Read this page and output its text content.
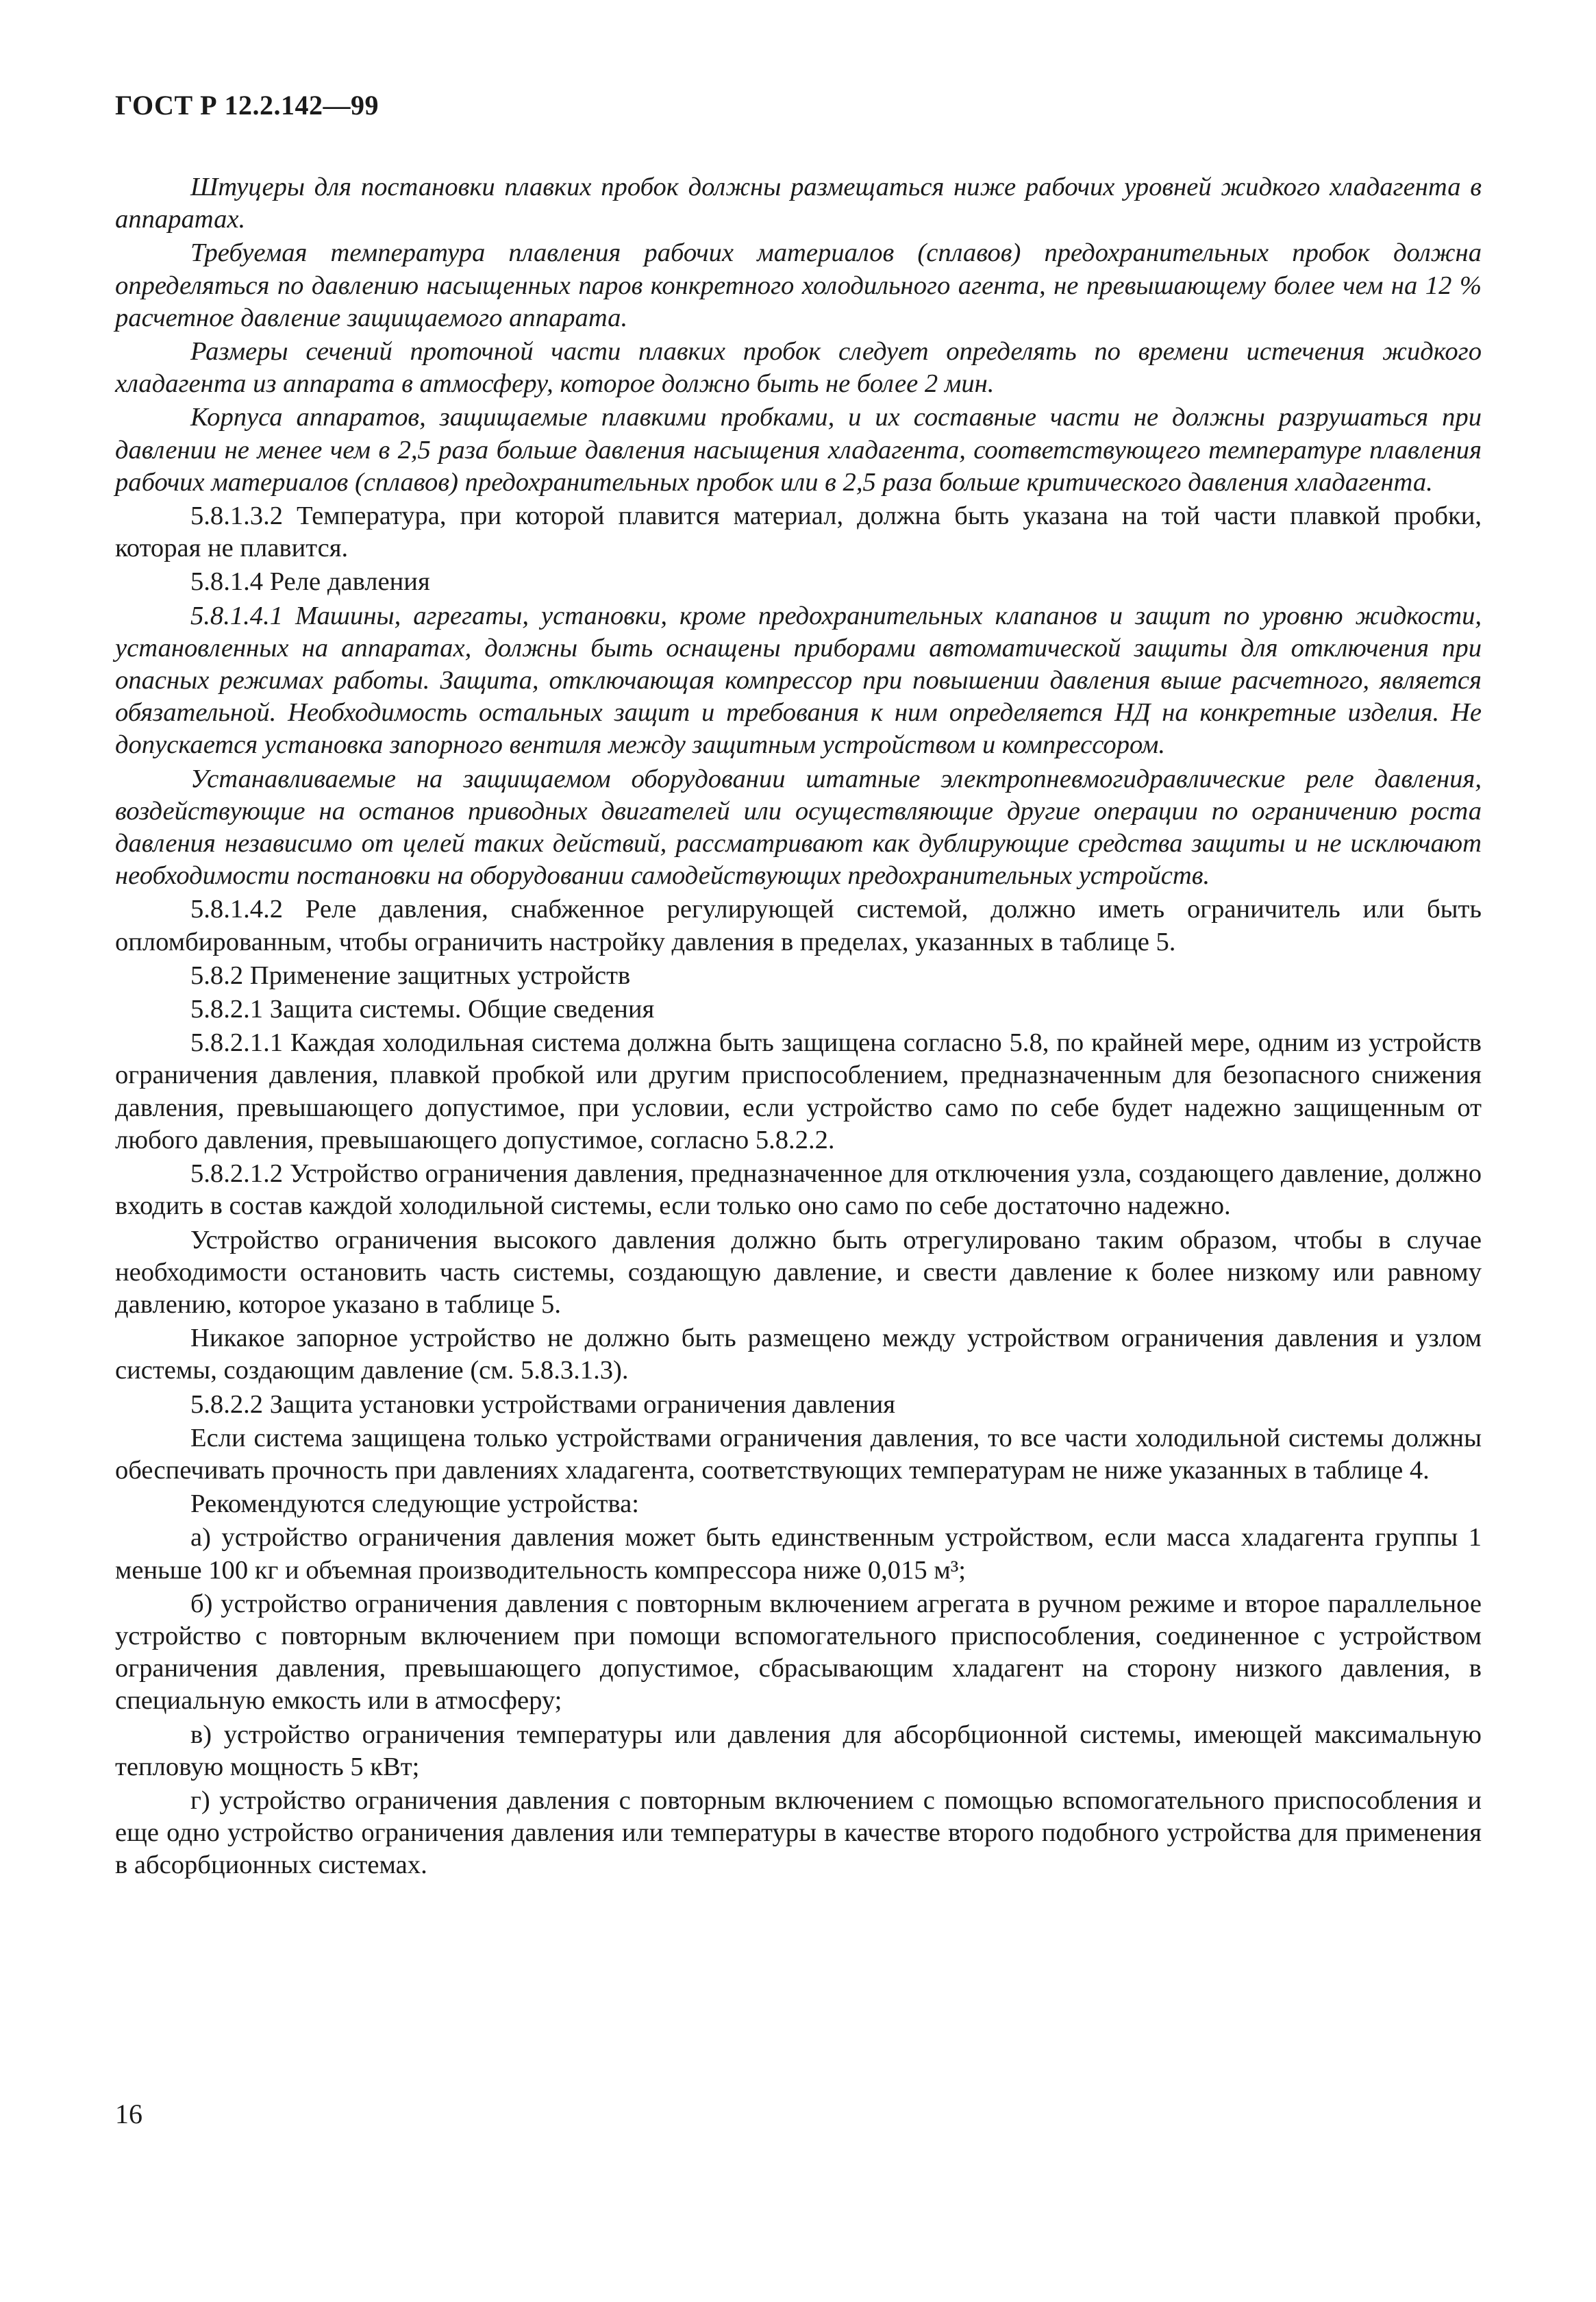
ГОСТ Р 12.2.142—99

Штуцеры для постановки плавких пробок должны размещаться ниже рабочих уровней жидкого хладагента в аппаратах.

Требуемая температура плавления рабочих материалов (сплавов) предохранительных пробок должна определяться по давлению насыщенных паров конкретного холодильного агента, не превышающему более чем на 12 % расчетное давление защищаемого аппарата.

Размеры сечений проточной части плавких пробок следует определять по времени истечения жидкого хладагента из аппарата в атмосферу, которое должно быть не более 2 мин.

Корпуса аппаратов, защищаемые плавкими пробками, и их составные части не должны разрушаться при давлении не менее чем в 2,5 раза больше давления насыщения хладагента, соответствующего температуре плавления рабочих материалов (сплавов) предохранительных пробок или в 2,5 раза больше критического давления хладагента.

5.8.1.3.2 Температура, при которой плавится материал, должна быть указана на той части плавкой пробки, которая не плавится.

5.8.1.4 Реле давления

5.8.1.4.1 Машины, агрегаты, установки, кроме предохранительных клапанов и защит по уровню жидкости, установленных на аппаратах, должны быть оснащены приборами автоматической защиты для отключения при опасных режимах работы. Защита, отключающая компрессор при повышении давления выше расчетного, является обязательной. Необходимость остальных защит и требования к ним определяется НД на конкретные изделия. Не допускается установка запорного вентиля между защитным устройством и компрессором.

Устанавливаемые на защищаемом оборудовании штатные электропневмогидравлические реле давления, воздействующие на останов приводных двигателей или осуществляющие другие операции по ограничению роста давления независимо от целей таких действий, рассматривают как дублирующие средства защиты и не исключают необходимости постановки на оборудовании самодействующих предохранительных устройств.

5.8.1.4.2 Реле давления, снабженное регулирующей системой, должно иметь ограничитель или быть опломбированным, чтобы ограничить настройку давления в пределах, указанных в таблице 5.

5.8.2 Применение защитных устройств

5.8.2.1 Защита системы. Общие сведения

5.8.2.1.1 Каждая холодильная система должна быть защищена согласно 5.8, по крайней мере, одним из устройств ограничения давления, плавкой пробкой или другим приспособлением, предназначенным для безопасного снижения давления, превышающего допустимое, при условии, если устройство само по себе будет надежно защищенным от любого давления, превышающего допустимое, согласно 5.8.2.2.

5.8.2.1.2 Устройство ограничения давления, предназначенное для отключения узла, создающего давление, должно входить в состав каждой холодильной системы, если только оно само по себе достаточно надежно.

Устройство ограничения высокого давления должно быть отрегулировано таким образом, чтобы в случае необходимости остановить часть системы, создающую давление, и свести давление к более низкому или равному давлению, которое указано в таблице 5.

Никакое запорное устройство не должно быть размещено между устройством ограничения давления и узлом системы, создающим давление (см. 5.8.3.1.3).

5.8.2.2 Защита установки устройствами ограничения давления

Если система защищена только устройствами ограничения давления, то все части холодильной системы должны обеспечивать прочность при давлениях хладагента, соответствующих температурам не ниже указанных в таблице 4.

Рекомендуются следующие устройства:

а) устройство ограничения давления может быть единственным устройством, если масса хладагента группы 1 меньше 100 кг и объемная производительность компрессора ниже 0,015 м³;

б) устройство ограничения давления с повторным включением агрегата в ручном режиме и второе параллельное устройство с повторным включением при помощи вспомогательного приспособления, соединенное с устройством ограничения давления, превышающего допустимое, сбрасывающим хладагент на сторону низкого давления, в специальную емкость или в атмосферу;

в) устройство ограничения температуры или давления для абсорбционной системы, имеющей максимальную тепловую мощность 5 кВт;

г) устройство ограничения давления с повторным включением с помощью вспомогательного приспособления и еще одно устройство ограничения давления или температуры в качестве второго подобного устройства для применения в абсорбционных системах.

16
